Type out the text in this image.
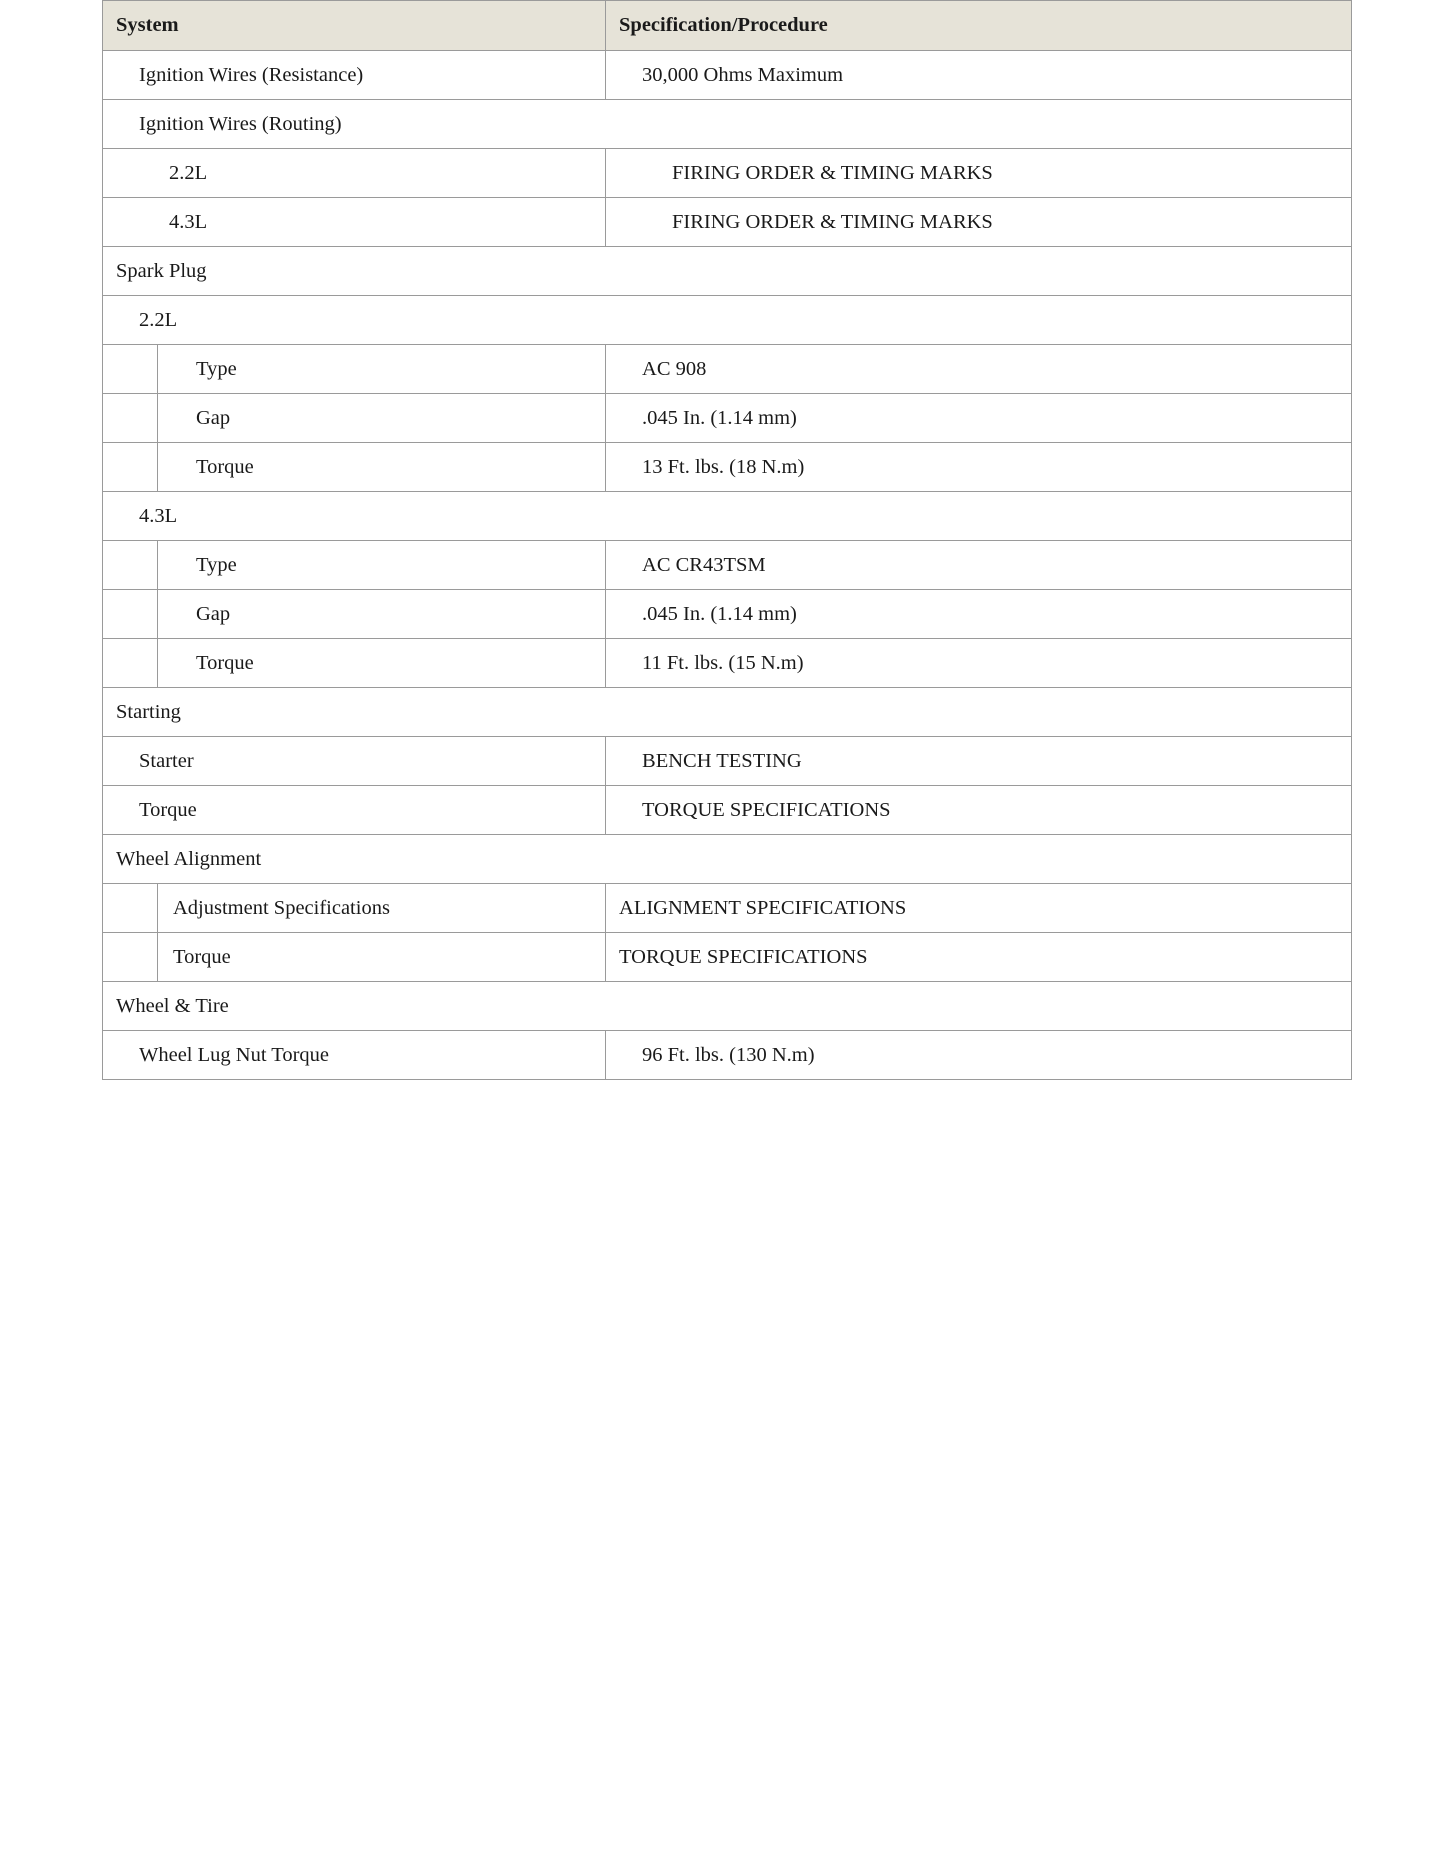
System		Specification/Procedure
Ignition Wires (Resistance)		30,000 Ohms Maximum
Ignition Wires (Routing)		
2.2L		FIRING ORDER & TIMING MARKS
4.3L		FIRING ORDER & TIMING MARKS
Spark Plug		
2.2L		
	Type	AC 908
	Gap	.045 In. (1.14 mm)
	Torque	13 Ft. lbs. (18 N.m)
4.3L		
	Type	AC CR43TSM
	Gap	.045 In. (1.14 mm)
	Torque	11 Ft. lbs. (15 N.m)
Starting		
Starter		BENCH TESTING
Torque		TORQUE SPECIFICATIONS
Wheel Alignment		
	Adjustment Specifications	ALIGNMENT SPECIFICATIONS
	Torque	TORQUE SPECIFICATIONS
Wheel & Tire		
Wheel Lug Nut Torque		96 Ft. lbs. (130 N.m)
